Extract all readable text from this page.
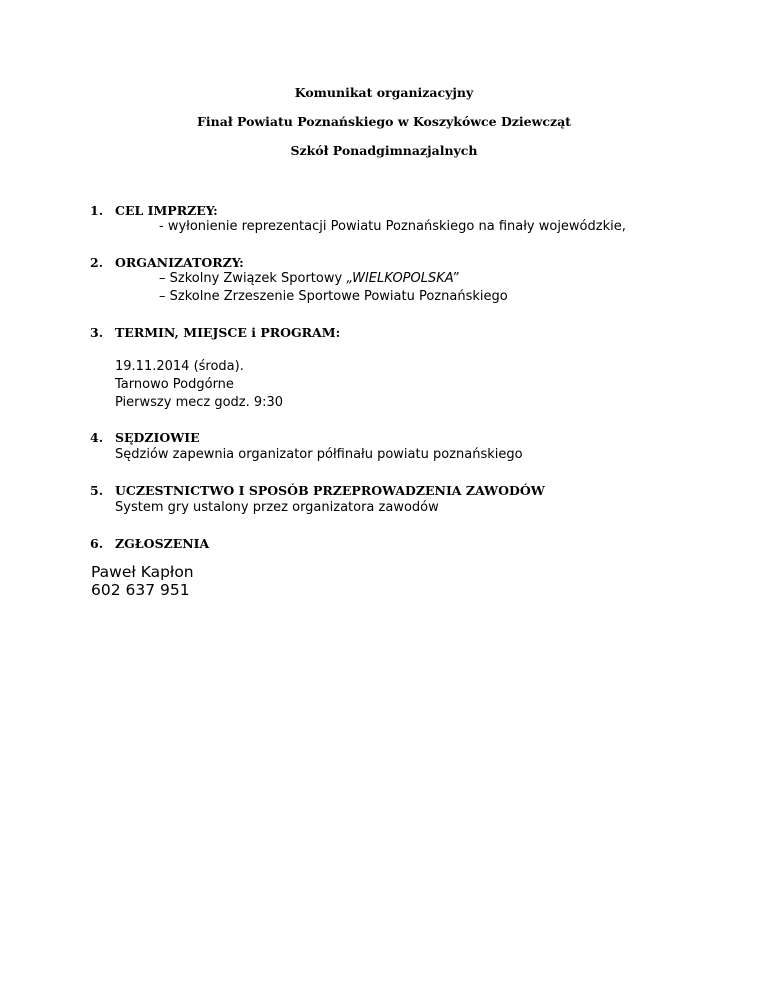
Komunikat organizacyjny
Finał Powiatu Poznańskiego w Koszykówce Dziewcząt
Szkół Ponadgimnazjalnych
1. CEL IMPRZEY:
- wyłonienie reprezentacji Powiatu Poznańskiego na finały wojewódzkie,
2. ORGANIZATORZY:
– Szkolny Związek Sportowy „WIELKOPOLSKA”
– Szkolne Zrzeszenie Sportowe Powiatu Poznańskiego
3. TERMIN, MIEJSCE i PROGRAM:
19.11.2014 (środa).
Tarnowo Podgórne
Pierwszy mecz godz. 9:30
4. SĘDZIOWIE
Sędziów zapewnia organizator półfinału powiatu poznańskiego
5. UCZESTNICTWO I SPOSÓB PRZEPROWADZENIA ZAWODÓW
System gry ustalony przez organizatora zawodów
6. ZGŁOSZENIA
Paweł Kapłon
602 637 951
